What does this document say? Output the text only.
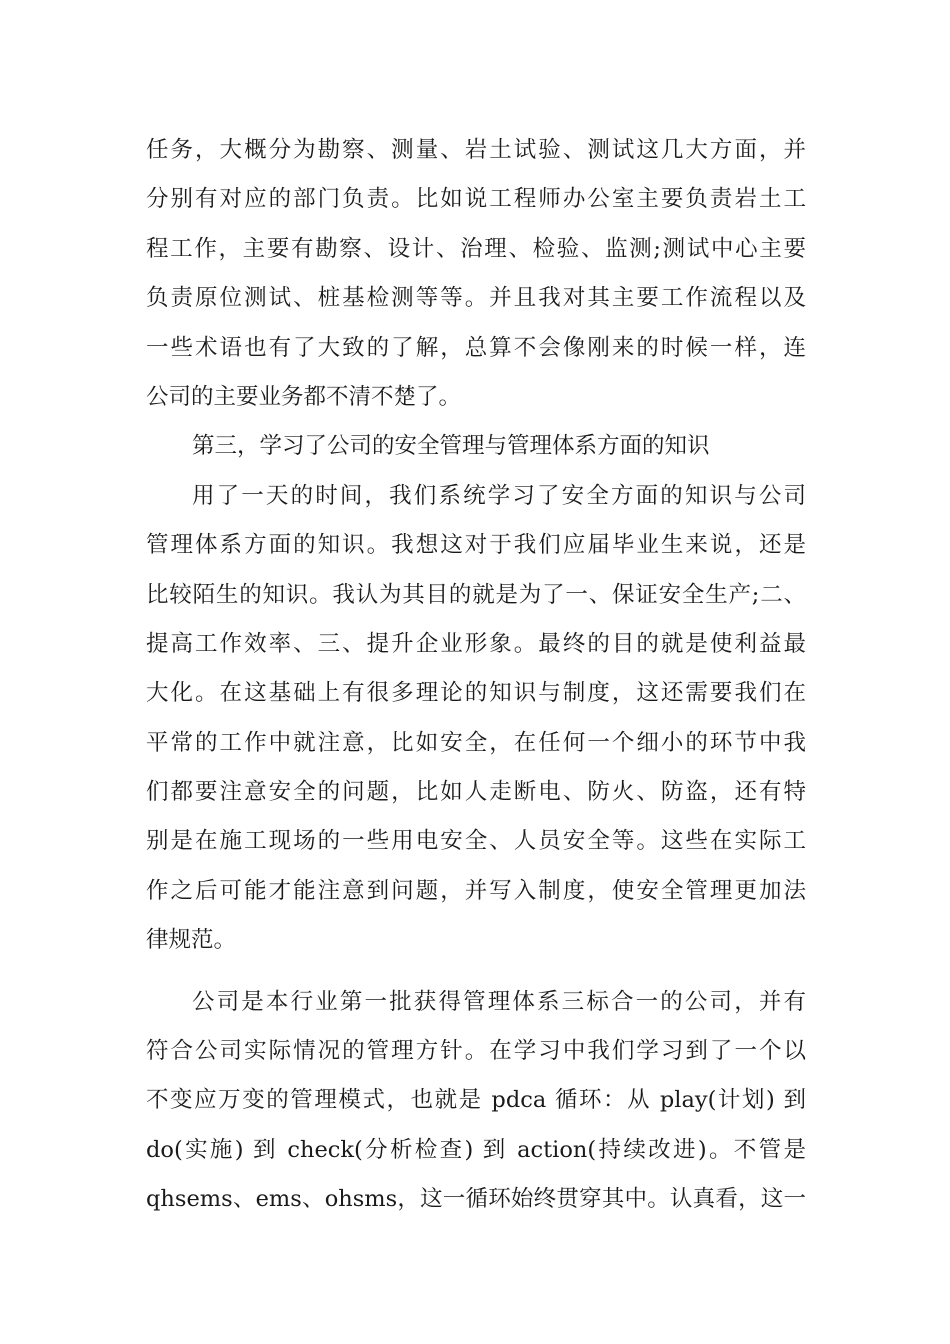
任务，大概分为勘察、测量、岩土试验、测试这几大方面，并
分别有对应的部门负责。比如说工程师办公室主要负责岩土工
程工作，主要有勘察、设计、治理、检验、监测;测试中心主要
负责原位测试、桩基检测等等。并且我对其主要工作流程以及
一些术语也有了大致的了解，总算不会像刚来的时候一样，连
公司的主要业务都不清不楚了。
第三，学习了公司的安全管理与管理体系方面的知识
用了一天的时间，我们系统学习了安全方面的知识与公司
管理体系方面的知识。我想这对于我们应届毕业生来说，还是
比较陌生的知识。我认为其目的就是为了一、保证安全生产;二、
提高工作效率、三、提升企业形象。最终的目的就是使利益最
大化。在这基础上有很多理论的知识与制度，这还需要我们在
平常的工作中就注意，比如安全，在任何一个细小的环节中我
们都要注意安全的问题，比如人走断电、防火、防盗，还有特
别是在施工现场的一些用电安全、人员安全等。这些在实际工
作之后可能才能注意到问题，并写入制度，使安全管理更加法
律规范。
公司是本行业第一批获得管理体系三标合一的公司，并有
符合公司实际情况的管理方针。在学习中我们学习到了一个以
不变应万变的管理模式，也就是 pdca 循环：从 play(计划) 到
do(实施) 到 check(分析检查) 到 action(持续改进)。不管是
qhsems、ems、ohsms，这一循环始终贯穿其中。认真看，这一
